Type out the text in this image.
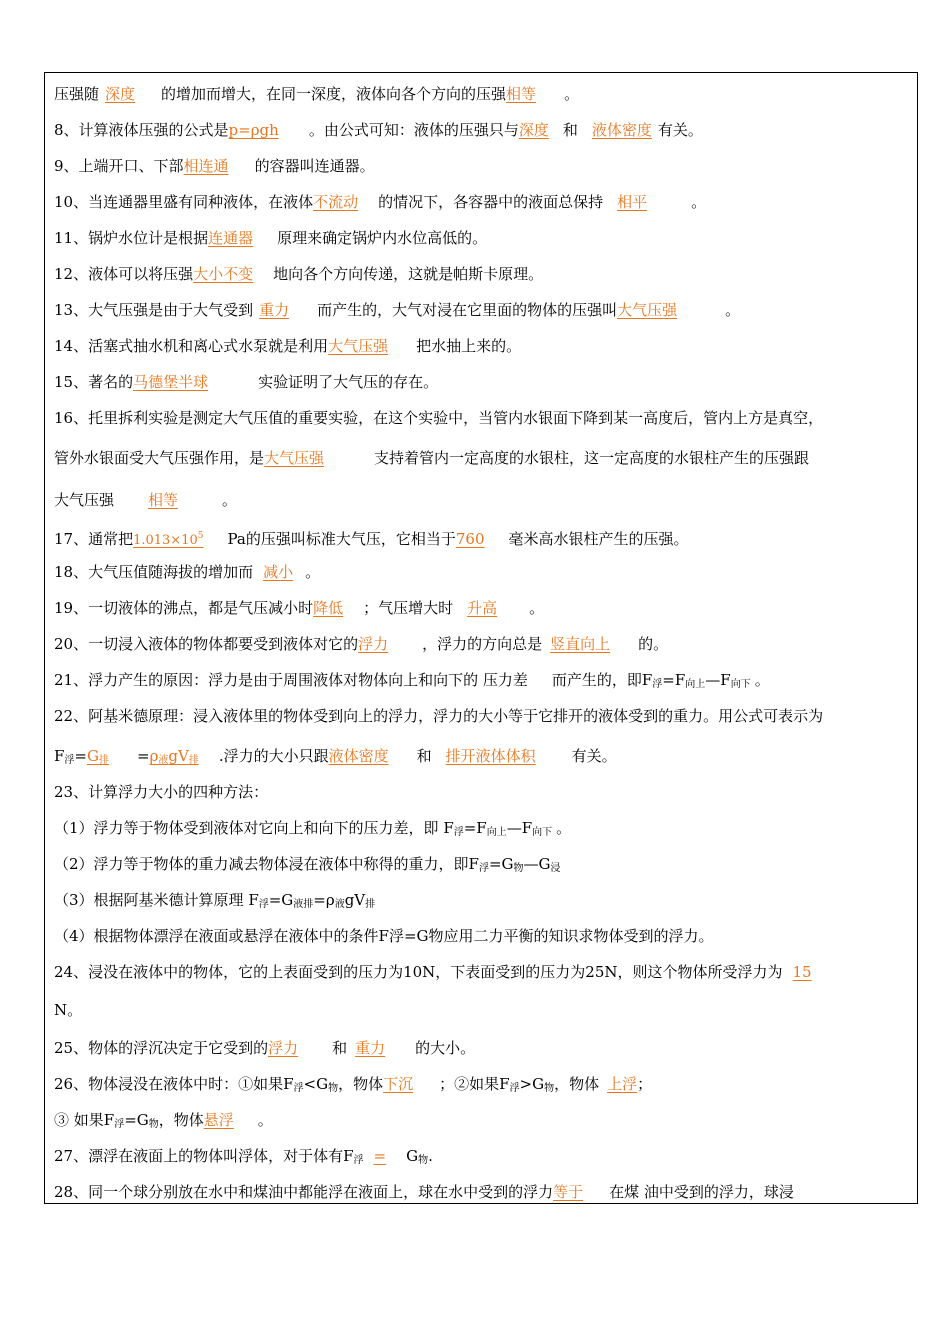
压强随 深度 的增加而增大，在同一深度，液体向各个方向的压强相等 。
8、计算液体压强的公式是p=ρgh 。由公式可知：液体的压强只与深度 和 液体密度 有关。
9、上端开口、下部相连通 的容器叫连通器。
10、当连通器里盛有同种液体，在液体不流动 的情况下，各容器中的液面总保持 相平	。
11、锅炉水位计是根据连通器 原理来确定锅炉内水位高低的。
12、液体可以将压强大小不变 地向各个方向传递，这就是帕斯卡原理。
13、大气压强是由于大气受到 重力 而产生的，大气对浸在它里面的物体的压强叫大气压强	。
14、活塞式抽水机和离心式水泵就是利用大气压强 把水抽上来的。
15、著名的马德堡半球	实验证明了大气压的存在。
16、托里拆利实验是测定大气压值的重要实验，在这个实验中，当管内水银面下降到某一高度后，管内上方是真空，
管外水银面受大气压强作用，是大气压强	支持着管内一定高度的水银柱，这一定高度的水银柱产生的压强跟
大气压强 相等	。
17、通常把$1.013\times 10^5$ Pa的压强叫标准大气压，它相当于760 毫米高水银柱产生的压强。
18、大气压值随海拔的增加而 减小 。
19、一切液体的沸点，都是气压减小时降低 ；气压增大时 升高 。
20、一切浸入液体的物体都要受到液体对它的浮力 ，浮力的方向总是 竖直向上 的。
21、浮力产生的原因：浮力是由于周围液体对物体向上和向下的 压力差 而产生的，即$F_浮=F_{向上}—F_{向下}$ 。
22、阿基米德原理：浸入液体里的物体受到向上的浮力，浮力的大小等于它排开的液体受到的重力。用公式可表示为
$F_浮=G_排 =\rho_液gV_排$ .浮力的大小只跟液体密度 和 排开液体体积 有关。
23、计算浮力大小的四种方法：
（1）浮力等于物体受到液体对它向上和向下的压力差，即 $F_浮=F_{向上}—F_{向下}$ 。
（2）浮力等于物体的重力减去物体浸在液体中称得的重力，即$F_浮=G_物—G_浸$
（3）根据阿基米德计算原理 $F_浮=G_{液排}=\rho_液gV_排$
（4）根据物体漂浮在液面或悬浮在液体中的条件F浮=G物应用二力平衡的知识求物体受到的浮力。
24、浸没在液体中的物体，它的上表面受到的压力为10N，下表面受到的压力为25N，则这个物体所受浮力为 15
N。
25、物体的浮沉决定于它受到的浮力 和 重力 的大小。
26、物体浸没在液体中时：①如果$F_浮<G_物$，物体下沉 ；②如果$F_浮>G_物$，物体 上浮；
③ 如果$F_浮=G_物$，物体悬浮 。
27、漂浮在液面上的物体叫浮体，对于体有$F_浮 = G_物$.
28、同一个球分别放在水中和煤油中都能浮在液面上，球在水中受到的浮力等于 在煤 油中受到的浮力，球浸
